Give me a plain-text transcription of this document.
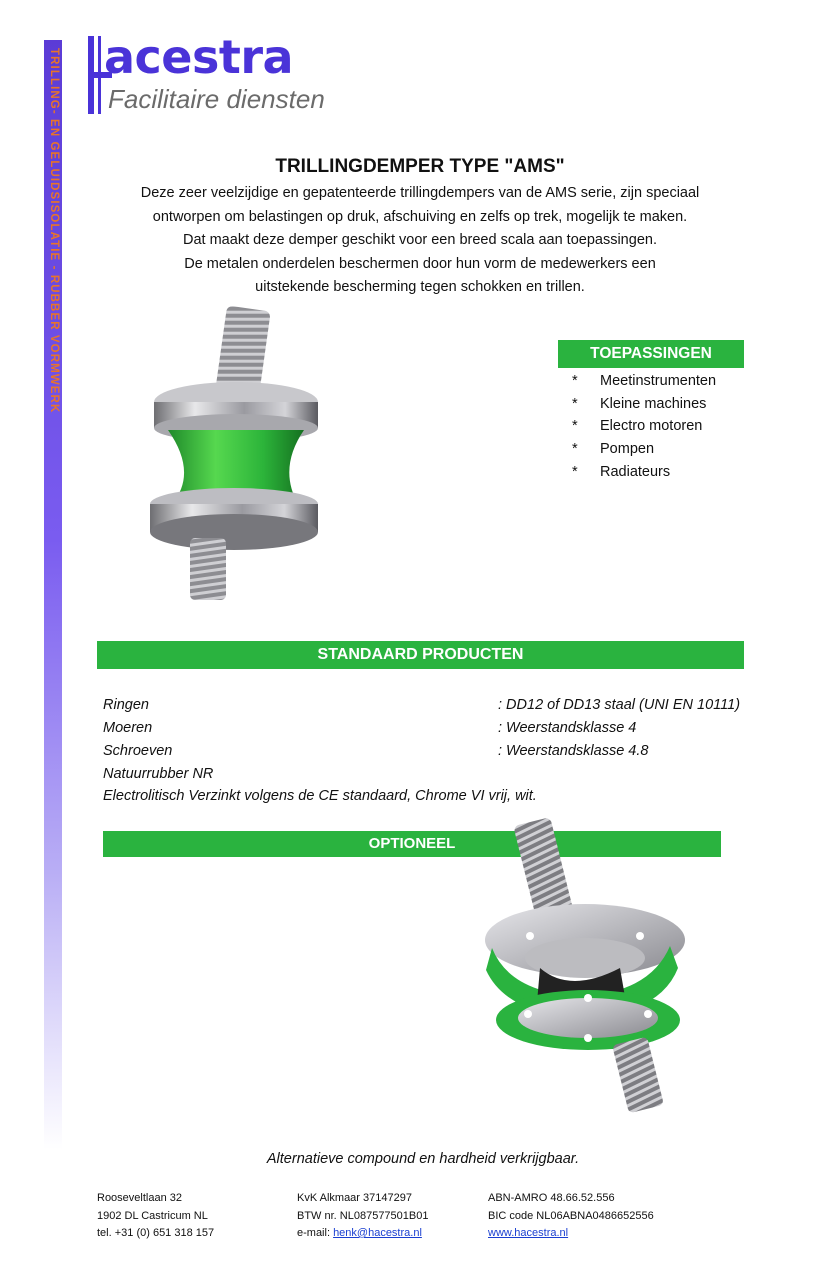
TRILLING- EN GELUIDSISOLATIE - RUBBER VORMWERK acestra
Facilitaire diensten
TRILLINGDEMPER TYPE "AMS"

Deze zeer veelzijdige en gepatenteerde trillingdempers van de AMS serie, zijn speciaal

ontworpen om belastingen op druk, afschuiving en zelfs op trek, mogelijk te maken.

Dat maakt deze demper geschikt voor een breed scala aan toepassingen.

De metalen onderdelen beschermen door hun vorm de medewerkers een

uitstekende bescherming tegen schokken en trillen.

TOEPASSINGEN
*	Meetinstrumenten
*	Kleine machines
*	Electro motoren
*	Pompen
*	Radiateurs
STANDAARD PRODUCTEN
Ringen	: DD12 of DD13 staal (UNI EN 10111)
Moeren	: Weerstandsklasse 4
Schroeven	: Weerstandsklasse 4.8
Natuurrubber NR
Electrolitisch Verzinkt volgens de CE standaard, Chrome VI vrij, wit.
OPTIONEEL
Alternatieve compound en hardheid verkrijgbaar.
Rooseveltlaan 32
1902 DL Castricum NL
tel. +31 (0) 651 318 157
KvK Alkmaar 37147297
BTW nr. NL087577501B01
e-mail: henk@hacestra.nl
ABN-AMRO 48.66.52.556
BIC code NL06ABNA0486652556
www.hacestra.nl
